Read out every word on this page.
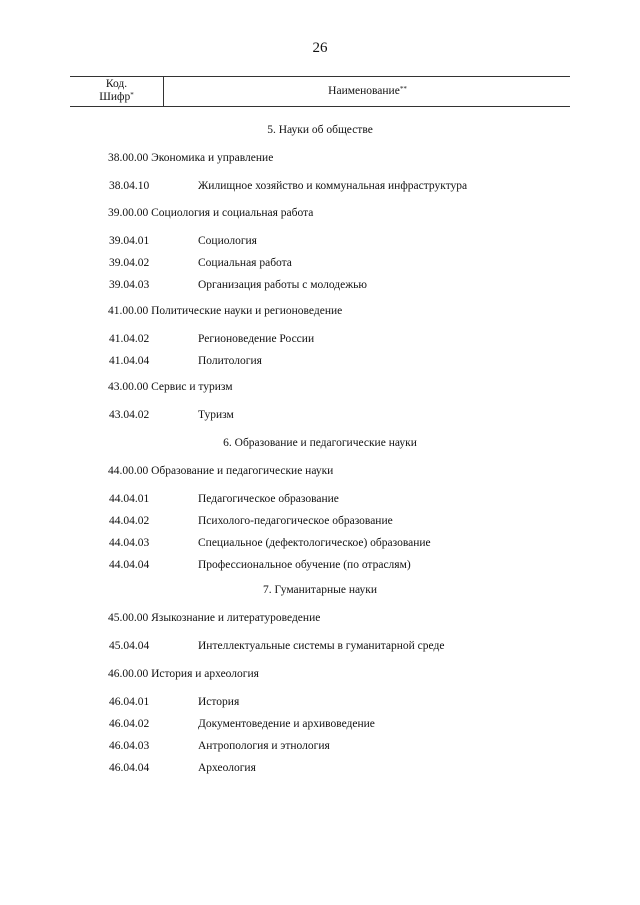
26
Код.
Шифр*	Наименование**
5. Науки об обществе
38.00.00 Экономика и управление
38.04.10	Жилищное хозяйство и коммунальная инфраструктура
39.00.00 Социология и социальная работа
39.04.01	Социология
39.04.02	Социальная работа
39.04.03	Организация работы с молодежью
41.00.00 Политические науки и регионоведение
41.04.02	Регионоведение России
41.04.04	Политология
43.00.00 Сервис и туризм
43.04.02	Туризм
6. Образование и педагогические науки
44.00.00 Образование и педагогические науки
44.04.01	Педагогическое образование
44.04.02	Психолого-педагогическое образование
44.04.03	Специальное (дефектологическое) образование
44.04.04	Профессиональное обучение (по отраслям)
7. Гуманитарные науки
45.00.00 Языкознание и литературоведение
45.04.04	Интеллектуальные системы в гуманитарной среде
46.00.00 История и археология
46.04.01	История
46.04.02	Документоведение и архивоведение
46.04.03	Антропология и этнология
46.04.04	Археология
